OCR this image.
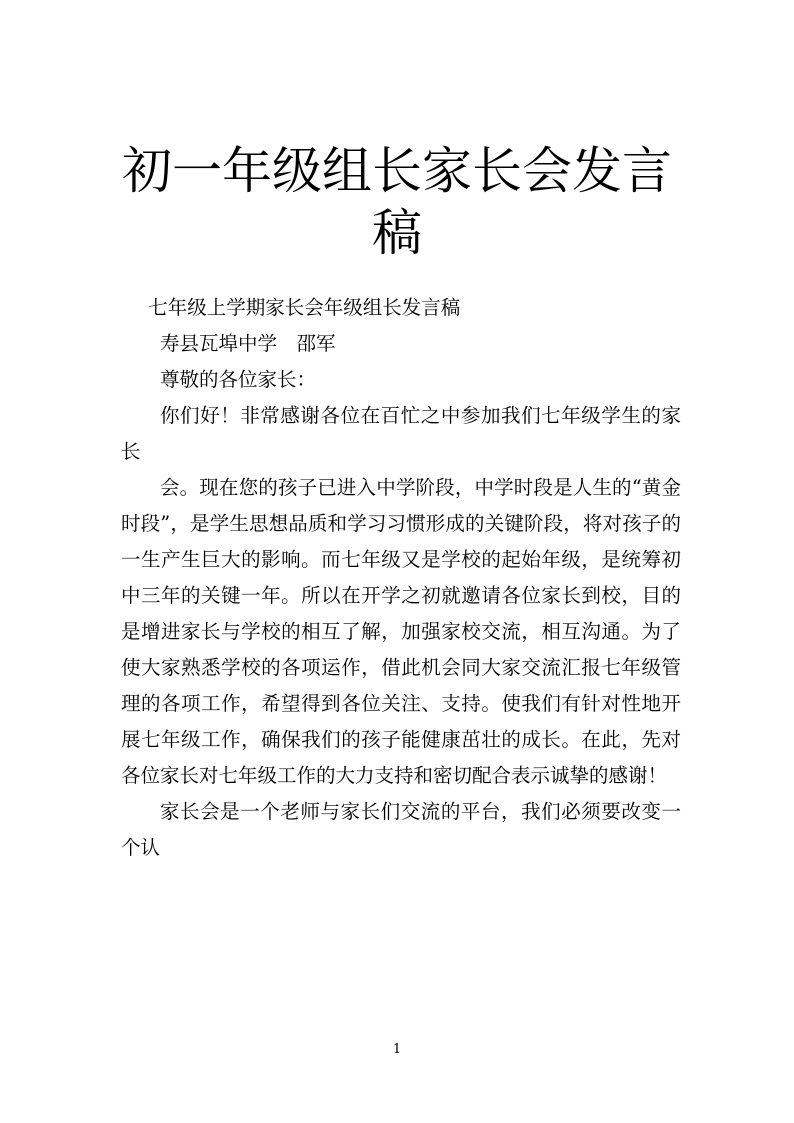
初一年级组长家长会发言稿

七年级上学期家长会年级组长发言稿

寿县瓦埠中学　邵军

尊敬的各位家长：

你们好！非常感谢各位在百忙之中参加我们七年级学生的家长

会。现在您的孩子已进入中学阶段，中学时段是人生的“黄金时段”，是学生思想品质和学习习惯形成的关键阶段，将对孩子的一生产生巨大的影响。而七年级又是学校的起始年级，是统筹初中三年的关键一年。所以在开学之初就邀请各位家长到校，目的是增进家长与学校的相互了解，加强家校交流，相互沟通。为了使大家熟悉学校的各项运作，借此机会同大家交流汇报七年级管理的各项工作，希望得到各位关注、支持。使我们有针对性地开展七年级工作，确保我们的孩子能健康茁壮的成长。在此，先对各位家长对七年级工作的大力支持和密切配合表示诚挚的感谢！

家长会是一个老师与家长们交流的平台，我们必须要改变一个认

1
